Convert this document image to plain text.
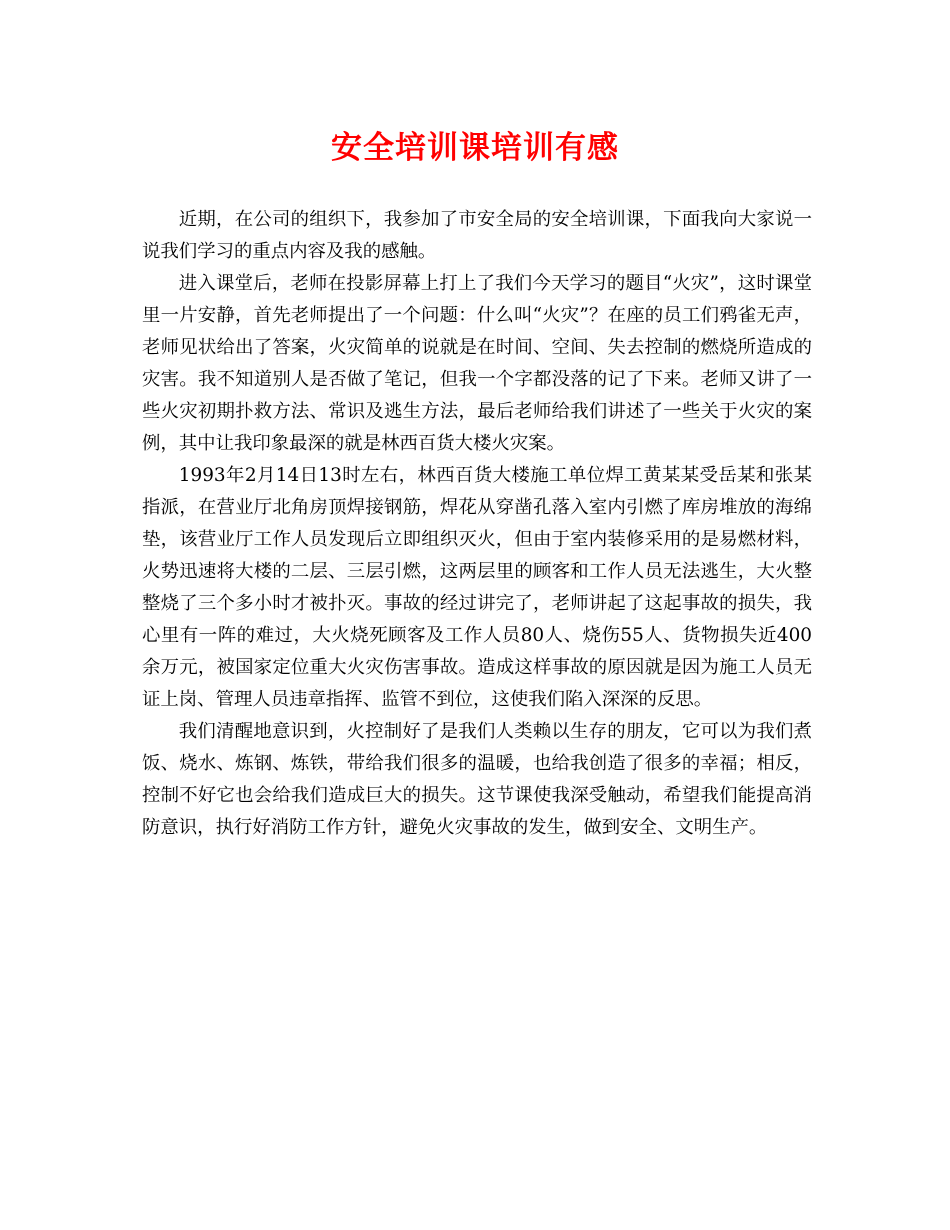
安全培训课培训有感

近期，在公司的组织下，我参加了市安全局的安全培训课，下面我向大家说一说我们学习的重点内容及我的感触。

进入课堂后，老师在投影屏幕上打上了我们今天学习的题目“火灾”，这时课堂里一片安静，首先老师提出了一个问题：什么叫“火灾”？在座的员工们鸦雀无声，老师见状给出了答案，火灾简单的说就是在时间、空间、失去控制的燃烧所造成的灾害。我不知道别人是否做了笔记，但我一个字都没落的记了下来。老师又讲了一些火灾初期扑救方法、常识及逃生方法，最后老师给我们讲述了一些关于火灾的案例，其中让我印象最深的就是林西百货大楼火灾案。

1993年2月14日13时左右，林西百货大楼施工单位焊工黄某某受岳某和张某指派，在营业厅北角房顶焊接钢筋，焊花从穿凿孔落入室内引燃了库房堆放的海绵垫，该营业厅工作人员发现后立即组织灭火，但由于室内装修采用的是易燃材料，火势迅速将大楼的二层、三层引燃，这两层里的顾客和工作人员无法逃生，大火整整烧了三个多小时才被扑灭。事故的经过讲完了，老师讲起了这起事故的损失，我心里有一阵的难过，大火烧死顾客及工作人员80人、烧伤55人、货物损失近400余万元，被国家定位重大火灾伤害事故。造成这样事故的原因就是因为施工人员无证上岗、管理人员违章指挥、监管不到位，这使我们陷入深深的反思。

我们清醒地意识到，火控制好了是我们人类赖以生存的朋友，它可以为我们煮饭、烧水、炼钢、炼铁，带给我们很多的温暖，也给我创造了很多的幸福；相反，控制不好它也会给我们造成巨大的损失。这节课使我深受触动，希望我们能提高消防意识，执行好消防工作方针，避免火灾事故的发生，做到安全、文明生产。
